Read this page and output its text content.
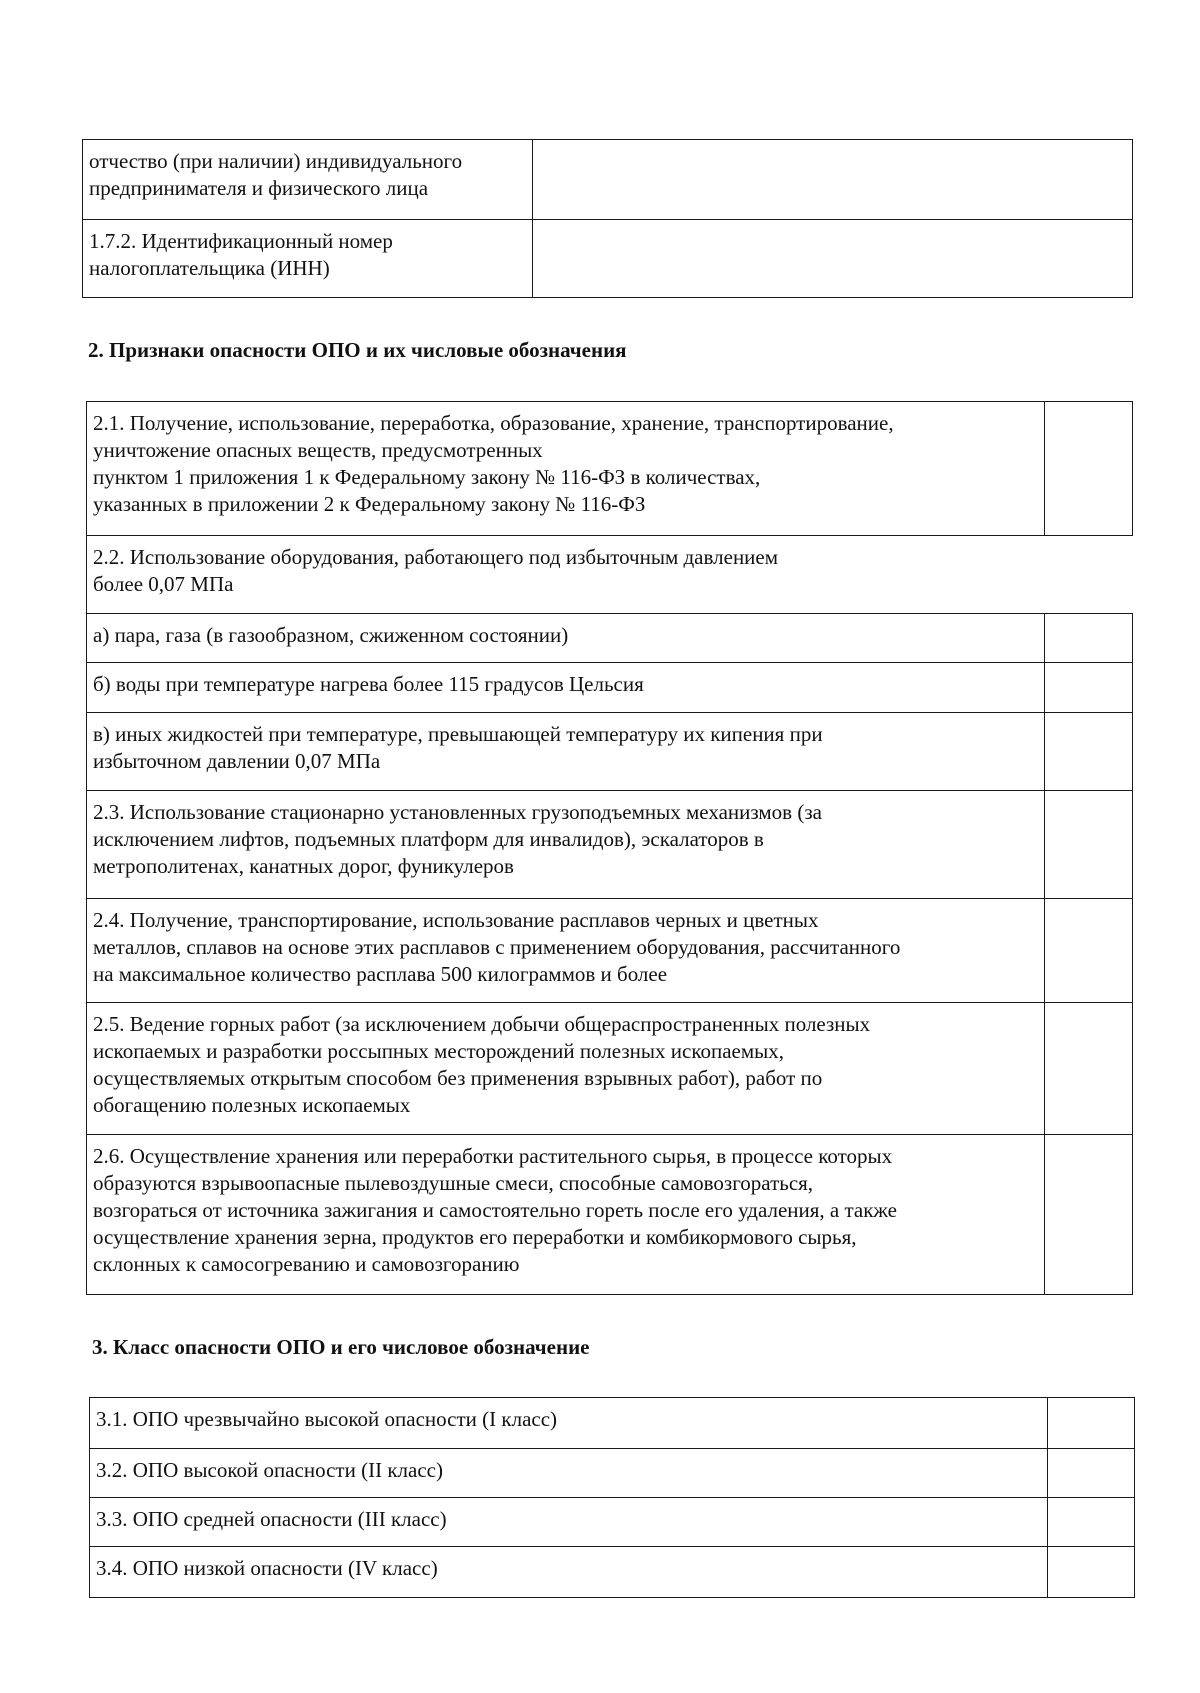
отчество (при наличии) индивидуального
предпринимателя и физического лица	
1.7.2. Идентификационный номер
налогоплательщика (ИНН)	

2. Признаки опасности ОПО и их числовые обозначения

2.1. Получение, использование, переработка, образование, хранение, транспортирование,
уничтожение опасных веществ, предусмотренных
пунктом 1 приложения 1 к Федеральному закону № 116-ФЗ в количествах,
указанных в приложении 2 к Федеральному закону № 116-ФЗ	
2.2. Использование оборудования, работающего под избыточным давлением
более 0,07 МПа	
а) пара, газа (в газообразном, сжиженном состоянии)	
б) воды при температуре нагрева более 115 градусов Цельсия	
в) иных жидкостей при температуре, превышающей температуру их кипения при
избыточном давлении 0,07 МПа	
2.3. Использование стационарно установленных грузоподъемных механизмов (за
исключением лифтов, подъемных платформ для инвалидов), эскалаторов в
метрополитенах, канатных дорог, фуникулеров	
2.4. Получение, транспортирование, использование расплавов черных и цветных
металлов, сплавов на основе этих расплавов с применением оборудования, рассчитанного
на максимальное количество расплава 500 килограммов и более	
2.5. Ведение горных работ (за исключением добычи общераспространенных полезных
ископаемых и разработки россыпных месторождений полезных ископаемых,
осуществляемых открытым способом без применения взрывных работ), работ по
обогащению полезных ископаемых	
2.6. Осуществление хранения или переработки растительного сырья, в процессе которых
образуются взрывоопасные пылевоздушные смеси, способные самовозгораться,
возгораться от источника зажигания и самостоятельно гореть после его удаления, а также
осуществление хранения зерна, продуктов его переработки и комбикормового сырья,
склонных к самосогреванию и самовозгоранию	

3. Класс опасности ОПО и его числовое обозначение

3.1. ОПО чрезвычайно высокой опасности (I класс)	
3.2. ОПО высокой опасности (II класс)	
3.3. ОПО средней опасности (III класс)	
3.4. ОПО низкой опасности (IV класс)	
